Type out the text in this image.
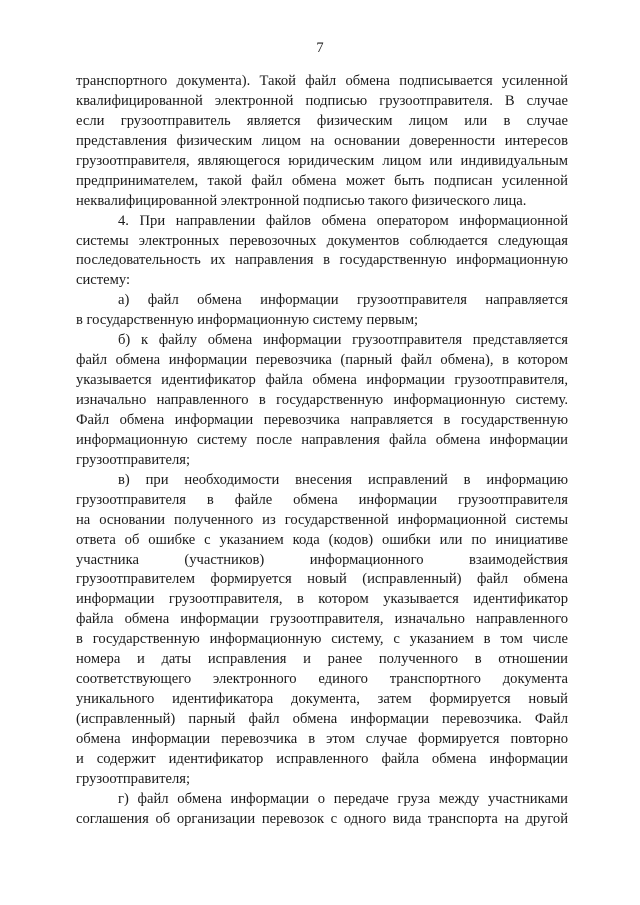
7
транспортного документа). Такой файл обмена подписывается усиленной
квалифицированной электронной подписью грузоотправителя. В случае
если грузоотправитель является физическим лицом или в случае
представления физическим лицом на основании доверенности интересов
грузоотправителя, являющегося юридическим лицом или индивидуальным
предпринимателем, такой файл обмена может быть подписан усиленной
неквалифицированной электронной подписью такого физического лица.
4. При направлении файлов обмена оператором информационной
системы электронных перевозочных документов соблюдается следующая
последовательность их направления в государственную информационную
систему:
а) файл обмена информации грузоотправителя направляется
в государственную информационную систему первым;
б) к файлу обмена информации грузоотправителя представляется
файл обмена информации перевозчика (парный файл обмена), в котором
указывается идентификатор файла обмена информации грузоотправителя,
изначально направленного в государственную информационную систему.
Файл обмена информации перевозчика направляется в государственную
информационную систему после направления файла обмена информации
грузоотправителя;
в) при необходимости внесения исправлений в информацию
грузоотправителя в файле обмена информации грузоотправителя
на основании полученного из государственной информационной системы
ответа об ошибке с указанием кода (кодов) ошибки или по инициативе
участника (участников) информационного взаимодействия
грузоотправителем формируется новый (исправленный) файл обмена
информации грузоотправителя, в котором указывается идентификатор
файла обмена информации грузоотправителя, изначально направленного
в государственную информационную систему, с указанием в том числе
номера и даты исправления и ранее полученного в отношении
соответствующего электронного единого транспортного документа
уникального идентификатора документа, затем формируется новый
(исправленный) парный файл обмена информации перевозчика. Файл
обмена информации перевозчика в этом случае формируется повторно
и содержит идентификатор исправленного файла обмена информации
грузоотправителя;
г) файл обмена информации о передаче груза между участниками
соглашения об организации перевозок с одного вида транспорта на другой
